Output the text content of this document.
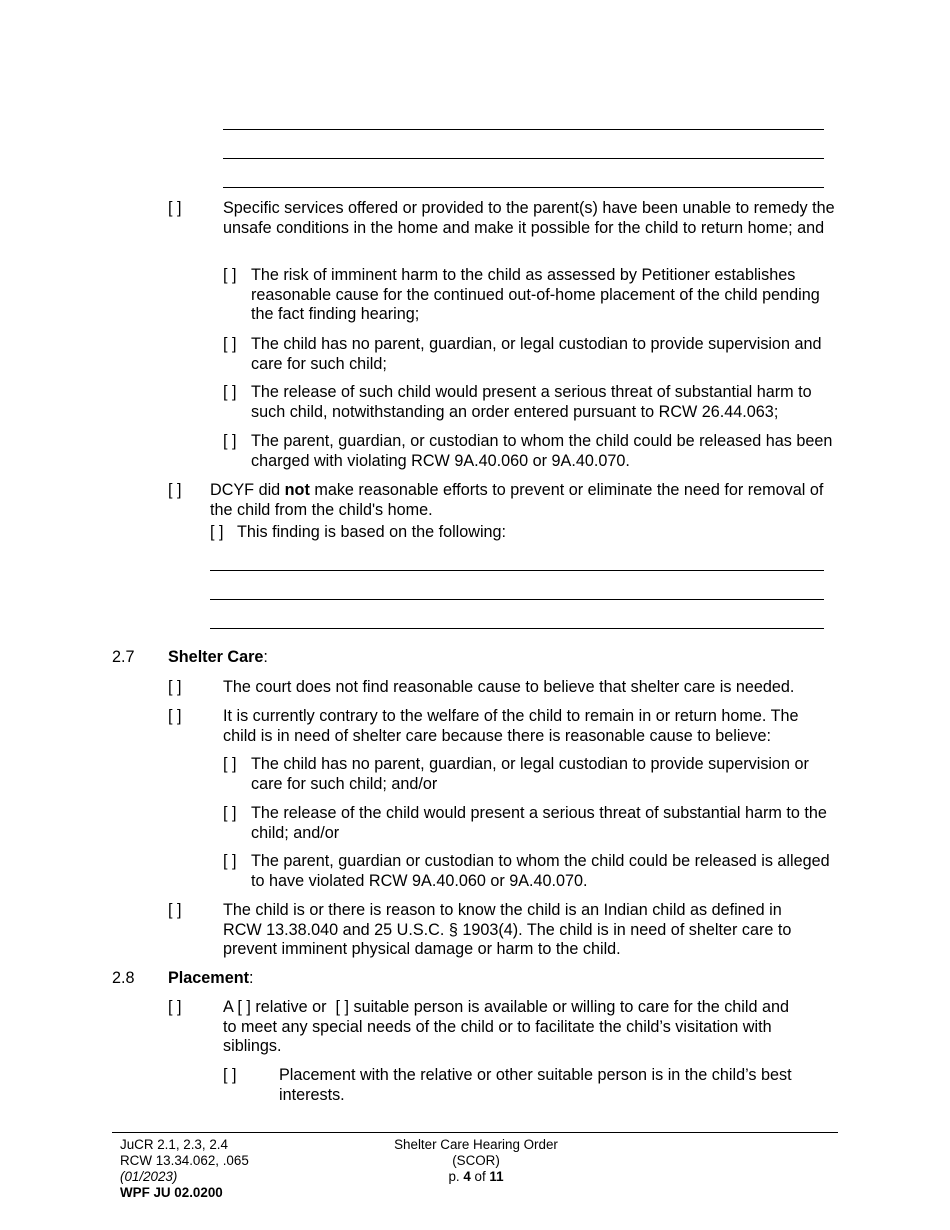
[ ]	Specific services offered or provided to the parent(s) have been unable to remedy the unsafe conditions in the home and make it possible for the child to return home; and
[ ] The risk of imminent harm to the child as assessed by Petitioner establishes reasonable cause for the continued out-of-home placement of the child pending the fact finding hearing;
[ ] The child has no parent, guardian, or legal custodian to provide supervision and care for such child;
[ ] The release of such child would present a serious threat of substantial harm to such child, notwithstanding an order entered pursuant to RCW 26.44.063;
[ ] The parent, guardian, or custodian to whom the child could be released has been charged with violating RCW 9A.40.060 or 9A.40.070.
[ ] DCYF did not make reasonable efforts to prevent or eliminate the need for removal of the child from the child's home.
[ ] This finding is based on the following:
2.7 Shelter Care:
[ ]	The court does not find reasonable cause to believe that shelter care is needed.
[ ]	It is currently contrary to the welfare of the child to remain in or return home. The child is in need of shelter care because there is reasonable cause to believe:
[ ] The child has no parent, guardian, or legal custodian to provide supervision or care for such child; and/or
[ ] The release of the child would present a serious threat of substantial harm to the child; and/or
[ ] The parent, guardian or custodian to whom the child could be released is alleged to have violated RCW 9A.40.060 or 9A.40.070.
[ ]	The child is or there is reason to know the child is an Indian child as defined in RCW 13.38.040 and 25 U.S.C. § 1903(4). The child is in need of shelter care to prevent imminent physical damage or harm to the child.
2.8 Placement:
[ ]	A [ ] relative or [ ] suitable person is available or willing to care for the child and
to meet any special needs of the child or to facilitate the child’s visitation with siblings.
[ ]	Placement with the relative or other suitable person is in the child’s best interests.
JuCR 2.1, 2.3, 2.4
RCW 13.34.062, .065
(01/2023)
WPF JU 02.0200
Shelter Care Hearing Order
(SCOR)
p. 4 of 11
